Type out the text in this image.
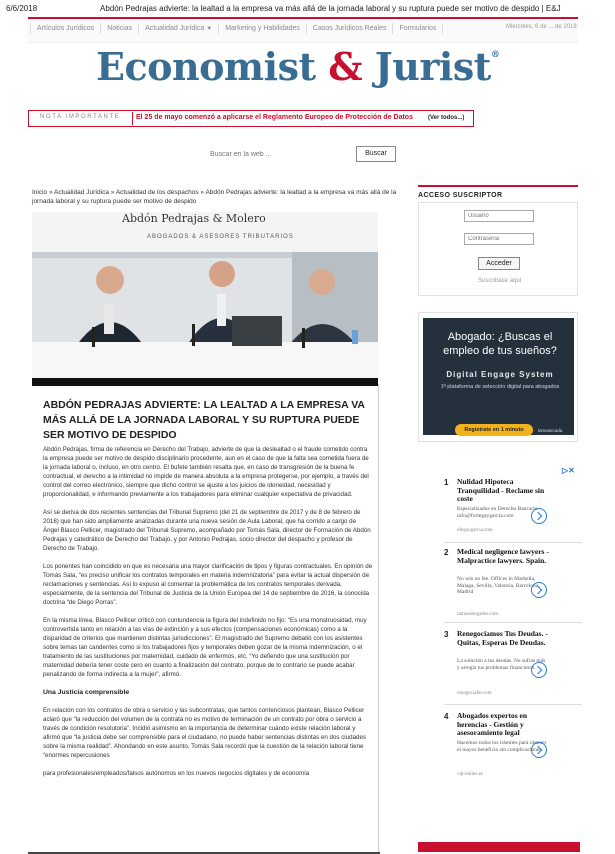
6/6/2018	Abdón Pedrajas advierte: la lealtad a la empresa va más allá de la jornada laboral y su ruptura puede ser motivo de despido | E&J
Artículos Jurídicos	Noticias	Actualidad Jurídica ▼	Marketing y Habilidades	Casos Jurídicos Reales	Formularios	Miércoles, 6 de ... de 2018
Economist & Jurist®
NOTA IMPORTANTE El 25 de mayo comenzó a aplicarse el Reglamento Europeo de Protección de Datos	(Ver todos...)
Buscar en la web ...
Buscar
Inicio » Actualidad Jurídica » Actualidad de los despachos » Abdón Pedrajas advierte: la lealtad a la empresa va más allá de la jornada laboral y su ruptura puede ser motivo de despido
Abdón Pedrajas & Molero
ABOGADOS & ASESORES TRIBUTARIOS
ABDÓN PEDRAJAS ADVIERTE: LA LEALTAD A LA EMPRESA VA MÁS ALLÁ DE LA JORNADA LABORAL Y SU RUPTURA PUEDE SER MOTIVO DE DESPIDO

Abdón Pedrajas, firma de referencia en Derecho del Trabajo, advierte de que la deslealtad o el fraude cometido contra la empresa puede ser motivo de despido disciplinario procedente, aun en el caso de que la falta sea cometida fuera de la jornada laboral o, incluso, en otro centro. El bufete también resalta que, en caso de transgresión de la buena fe contractual, el derecho a la intimidad no impide de manera absoluta a la empresa protegerse, por ejemplo, a través del control del correo electrónico, siempre que dicho control se ajuste a los juicios de idoneidad, necesidad y proporcionalidad, e informando previamente a los trabajadores para eliminar cualquier expectativa de privacidad.

Así se deriva de dos recientes sentencias del Tribunal Supremo (del 21 de septiembre de 2017 y de 8 de febrero de 2018) que han sido ampliamente analizadas durante una nueva sesión de Aula Laboral, que ha corrido a cargo de Ángel Blasco Pellicer, magistrado del Tribunal Supremo, acompañado por Tomás Sala, director de Formación de Abdón Pedrajas y catedrático de Derecho del Trabajo, y por Antonio Pedrajas, socio director del despacho y profesor de Derecho de Trabajo.

Los ponentes han coincidido en que es necesaria una mayor clarificación de tipos y figuras contractuales. En opinión de Tomás Sala, “es preciso unificar los contratos temporales en materia indemnizatoria” para evitar la actual dispersión de reclamaciones y sentencias. Así lo expuso al comentar la problemática de los contratos temporales derivada, especialmente, de la sentencia del Tribunal de Justicia de la Unión Europea del 14 de septiembre de 2016, la conocida doctrina “de Diego Porras”.

En la misma línea, Blasco Pellicer criticó con contundencia la figura del indefinido no fijo: “Es una monstruosidad, muy controvertida tanto en relación a las vías de extinción y a sus efectos (compensaciones económicas) como a la disparidad de criterios que mantienen distintas jurisdicciones”. El magistrado del Supremo debatió con los asistentes sobre temas tan candentes como si los trabajadores fijos y temporales deben gozar de la misma indemnización, o el tratamiento de las sustituciones por maternidad, cuidado de enfermos, etc. “Yo defiendo que una sustitución por maternidad debería tener coste cero en cuanto a finalización del contrato, porque de lo contrario se puede acabar penalizando de forma indirecta a la mujer”, afirmó.

Una Justicia comprensible

En relación con los contratos de obra o servicio y las subcontratas, que tantos contenciosos plantean, Blasco Pellicer aclaró que “la reducción del volumen de la contrata no es motivo de terminación de un contrato por obra o servicio a través de condición resolutoria”. Incidió asimismo en la importancia de determinar cuándo existe relación laboral y afirmó que “la justicia debe ser comprensible para el ciudadano, no puede haber sentencias distintas en dos ciudades sobre la misma realidad”. Ahondando en este asunto, Tomás Sala recordó que la cuestión de la relación laboral tiene “enormes repercusiones

para profesionales/empleados/falsos autónomos en los nuevos negocios digitales y de economía

ACCESO SUSCRIPTOR
Usuario
Contraseña
Acceder
Suscríbase aquí
Abogado: ¿Buscas el empleo de tus sueños?
Digital Engage System
1ª plataforma de selección digital para abogados
Regístrate en 1 minuto	lamasecada
▷✕
1 Nulidad Hipoteca Tranquilidad - Reclame sin coste
Especializados en Derecho Bancario info@fortegaygarcia.com
ofegaygarcia.com
2 Medical negligence lawyers - Malpractice lawyers. Spain.
No win no fee. Offices in Marbella, Malaga, Sevilla, Valencia, Barcelona, Madrid
ramosabogados.com
3 Renegociamos Tus Deudas. - Quitas, Esperas De Deudas.
La solución a tus deudas. No sufras más y arregla tus problemas financieros.
renegociafer.com
4 Abogados expertos en herencias - Gestión y asesoramiento legal
Hacemos todos los trámites para obtener el mayor beneficio sin complicaciones.
vip-online.es
